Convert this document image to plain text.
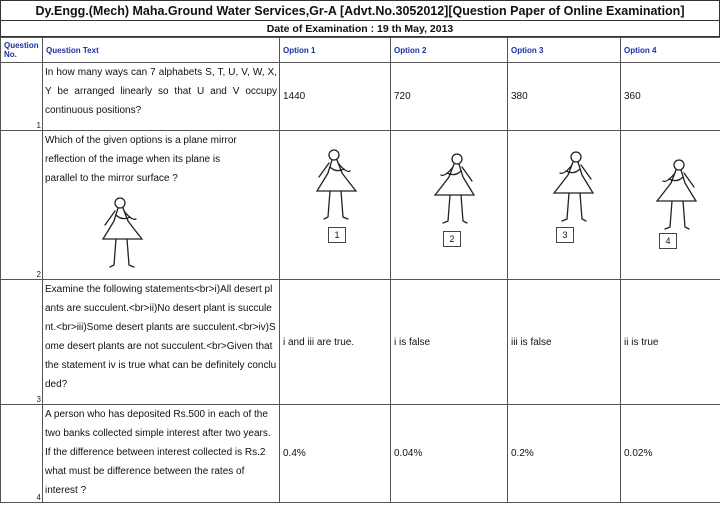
Dy.Engg.(Mech) Maha.Ground Water Services,Gr-A [Advt.No.3052012][Question Paper of Online Examination]
Date of Examination : 19 th May, 2013
Question No.	Question Text	Option 1	Option 2	Option 3	Option 4

1	In how many ways can 7 alphabets S, T, U, V, W, X, Y be arranged linearly so that U and V occupy continuous positions?	1440	720	380	360

2	Which of the given options is a plane mirror reflection of the image when its plane is parallel to the mirror surface ?	1	2	3	4

3	Examine the following statements<br>i)All desert plants are succulent.<br>ii)No desert plant is succulent.<br>iii)Some desert plants are succulent.<br>iv)Some desert plants are not succulent.<br>Given that the statement iv is true what can be definitely concluded?	i and iii are true.	i is false	iii is false	ii is true

4	A person who has deposited Rs.500 in each of the two banks collected simple interest after two years. If the difference between interest collected is Rs.2 what must be difference between the rates of interest ?	0.4%	0.04%	0.2%	0.02%
